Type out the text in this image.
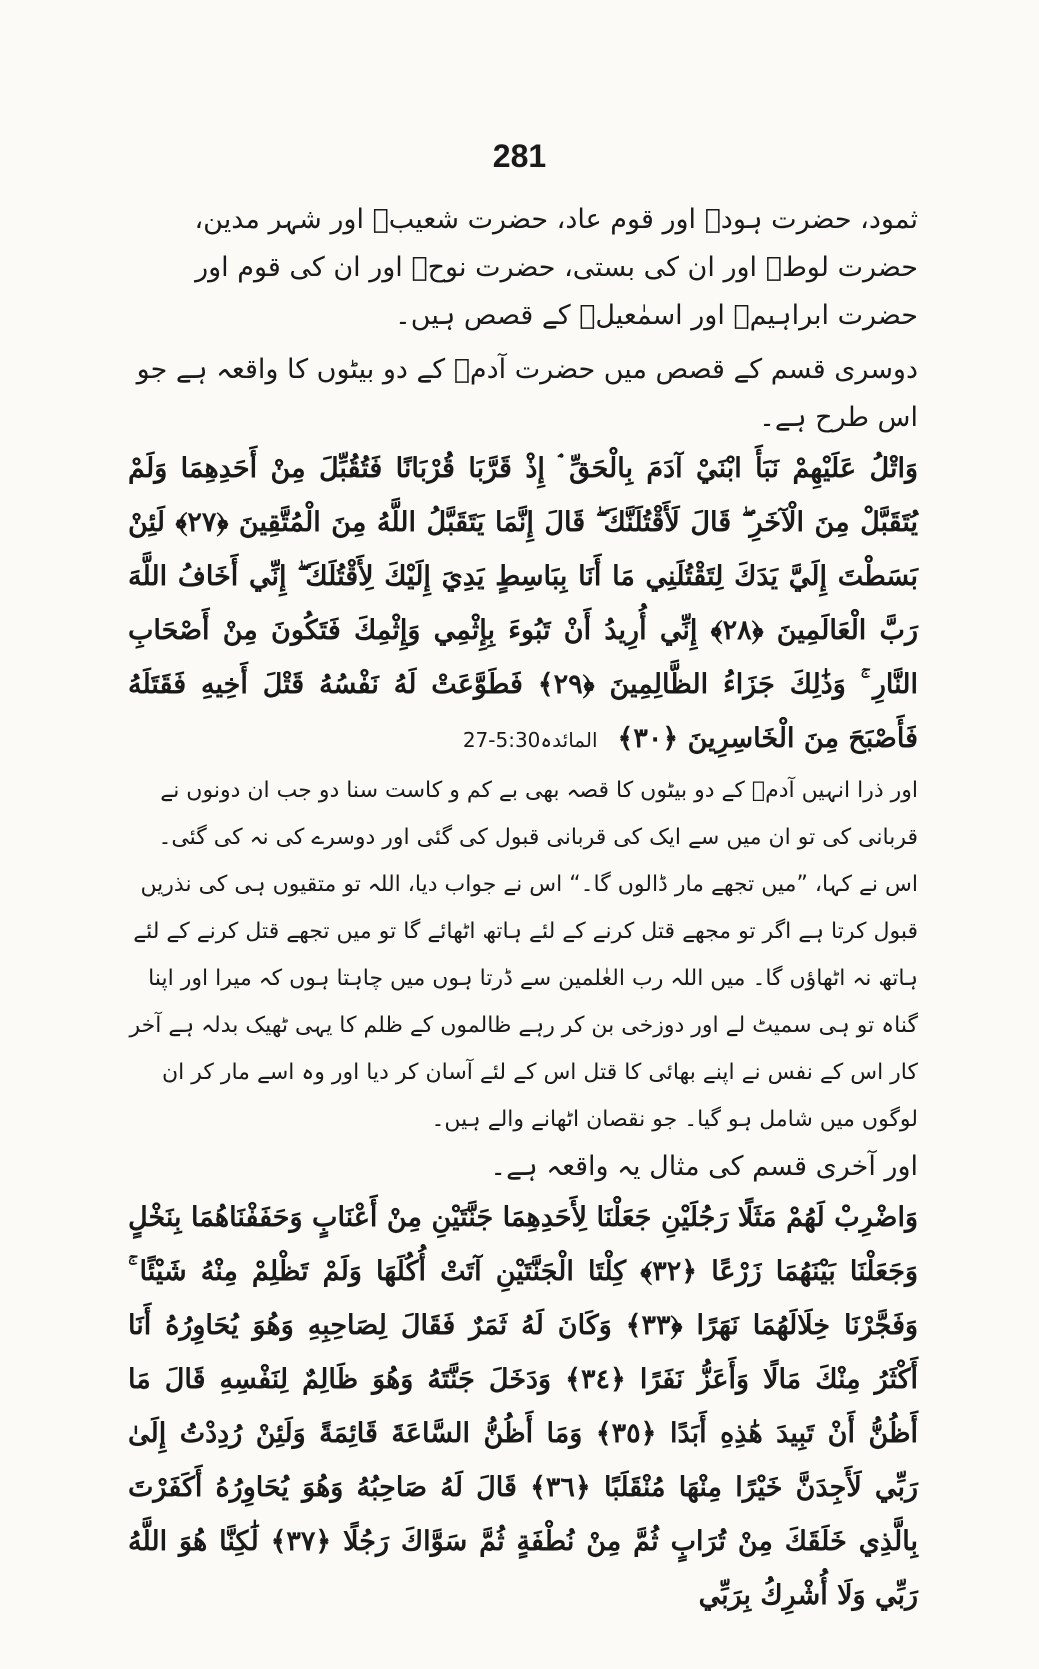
281

ثمود، حضرت ہودؑ اور قوم عاد، حضرت شعیبؑ اور شہر مدین، حضرت لوطؑ اور ان کی بستی، حضرت نوحؑ اور ان کی قوم اور حضرت ابراہیمؑ اور اسمٰعیلؑ کے قصص ہیں۔

دوسری قسم کے قصص میں حضرت آدمؑ کے دو بیٹوں کا واقعہ ہے جو اس طرح ہے۔

وَاتْلُ عَلَيْهِمْ نَبَأَ ابْنَيْ آدَمَ بِالْحَقِّ ۘ إِذْ قَرَّبَا قُرْبَانًا فَتُقُبِّلَ مِنْ أَحَدِهِمَا وَلَمْ يُتَقَبَّلْ مِنَ الْآخَرِ ۖ قَالَ لَأَقْتُلَنَّكَ ۖ قَالَ إِنَّمَا يَتَقَبَّلُ اللَّهُ مِنَ الْمُتَّقِينَ ﴿٢٧﴾ لَئِنْ بَسَطْتَ إِلَيَّ يَدَكَ لِتَقْتُلَنِي مَا أَنَا بِبَاسِطٍ يَدِيَ إِلَيْكَ لِأَقْتُلَكَ ۖ إِنِّي أَخَافُ اللَّهَ رَبَّ الْعَالَمِينَ ﴿٢٨﴾ إِنِّي أُرِيدُ أَنْ تَبُوءَ بِإِثْمِي وَإِثْمِكَ فَتَكُونَ مِنْ أَصْحَابِ النَّارِ ۚ وَذَٰلِكَ جَزَاءُ الظَّالِمِينَ ﴿٢٩﴾ فَطَوَّعَتْ لَهُ نَفْسُهُ قَتْلَ أَخِيهِ فَقَتَلَهُ فَأَصْبَحَ مِنَ الْخَاسِرِينَ ﴿٣٠﴾المائدہ5:30-27

اور ذرا انہیں آدمؑ کے دو بیٹوں کا قصہ بھی بے کم و کاست سنا دو جب ان دونوں نے قربانی کی تو ان میں سے ایک کی قربانی قبول کی گئی اور دوسرے کی نہ کی گئی۔ اس نے کہا، ”میں تجھے مار ڈالوں گا۔“ اس نے جواب دیا، اللہ تو متقیوں ہی کی نذریں قبول کرتا ہے اگر تو مجھے قتل کرنے کے لئے ہاتھ اٹھائے گا تو میں تجھے قتل کرنے کے لئے ہاتھ نہ اٹھاؤں گا۔ میں اللہ رب العٰلمین سے ڈرتا ہوں میں چاہتا ہوں کہ میرا اور اپنا گناہ تو ہی سمیٹ لے اور دوزخی بن کر رہے ظالموں کے ظلم کا یہی ٹھیک بدلہ ہے آخر کار اس کے نفس نے اپنے بھائی کا قتل اس کے لئے آسان کر دیا اور وہ اسے مار کر ان لوگوں میں شامل ہو گیا۔ جو نقصان اٹھانے والے ہیں۔

اور آخری قسم کی مثال یہ واقعہ ہے۔

وَاضْرِبْ لَهُمْ مَثَلًا رَجُلَيْنِ جَعَلْنَا لِأَحَدِهِمَا جَنَّتَيْنِ مِنْ أَعْنَابٍ وَحَفَفْنَاهُمَا بِنَخْلٍ وَجَعَلْنَا بَيْنَهُمَا زَرْعًا ﴿٣٢﴾ كِلْتَا الْجَنَّتَيْنِ آتَتْ أُكُلَهَا وَلَمْ تَظْلِمْ مِنْهُ شَيْئًا ۚ وَفَجَّرْنَا خِلَالَهُمَا نَهَرًا ﴿٣٣﴾ وَكَانَ لَهُ ثَمَرٌ فَقَالَ لِصَاحِبِهِ وَهُوَ يُحَاوِرُهُ أَنَا أَكْثَرُ مِنْكَ مَالًا وَأَعَزُّ نَفَرًا ﴿٣٤﴾ وَدَخَلَ جَنَّتَهُ وَهُوَ ظَالِمٌ لِنَفْسِهِ قَالَ مَا أَظُنُّ أَنْ تَبِيدَ هَٰذِهِ أَبَدًا ﴿٣٥﴾ وَمَا أَظُنُّ السَّاعَةَ قَائِمَةً وَلَئِنْ رُدِدْتُ إِلَىٰ رَبِّي لَأَجِدَنَّ خَيْرًا مِنْهَا مُنْقَلَبًا ﴿٣٦﴾ قَالَ لَهُ صَاحِبُهُ وَهُوَ يُحَاوِرُهُ أَكَفَرْتَ بِالَّذِي خَلَقَكَ مِنْ تُرَابٍ ثُمَّ مِنْ نُطْفَةٍ ثُمَّ سَوَّاكَ رَجُلًا ﴿٣٧﴾ لَٰكِنَّا هُوَ اللَّهُ رَبِّي وَلَا أُشْرِكُ بِرَبِّي
